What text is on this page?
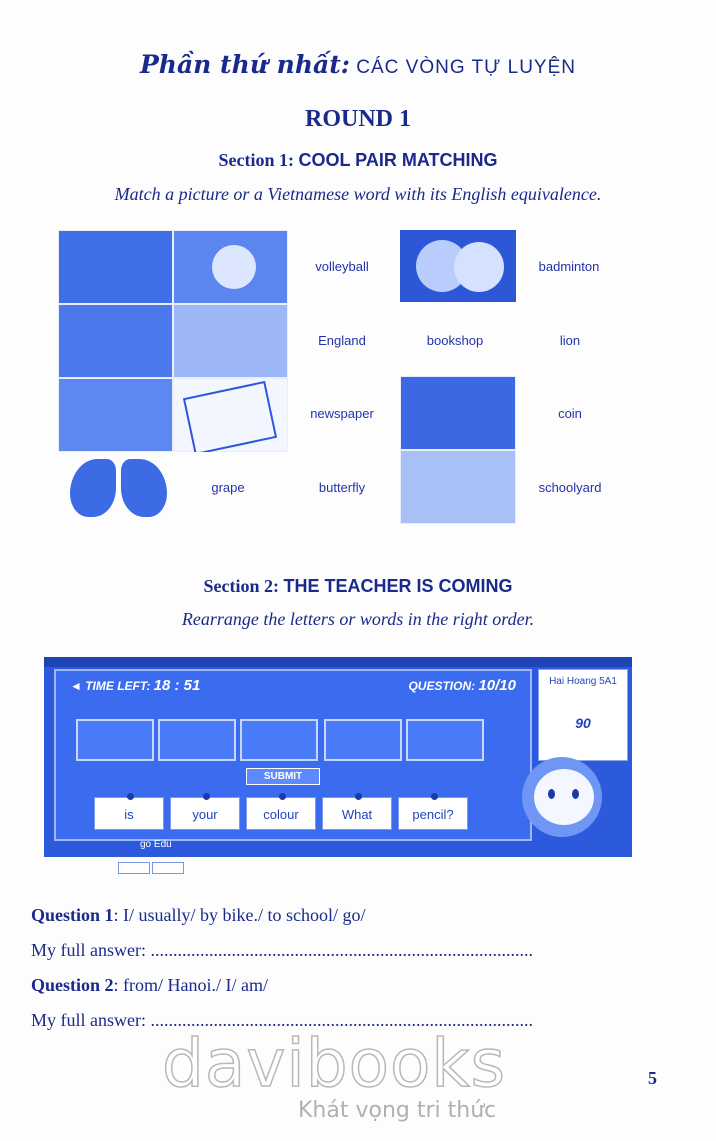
Phần thứ nhất: CÁC VÒNG TỰ LUYỆN
ROUND 1
Section 1: COOL PAIR MATCHING
Match a picture or a Vietnamese word with its English equivalence.
volleyball	badminton
England	bookshop	lion
newspaper	coin
grape	butterfly	schoolyard
Section 2: THE TEACHER IS COMING
Rearrange the letters or words in the right order.
◄ TIME LEFT: 18 : 51	QUESTION: 10/10
SUBMIT
is	your	colour	What	pencil?
Hai Hoang 5A1
90
go Edu
Question 1: I/ usually/ by bike./ to school/ go/
My full answer: .....................................................................................
Question 2: from/ Hanoi./ I/ am/
My full answer: .....................................................................................
davibooks
Khát vọng tri thức
5
